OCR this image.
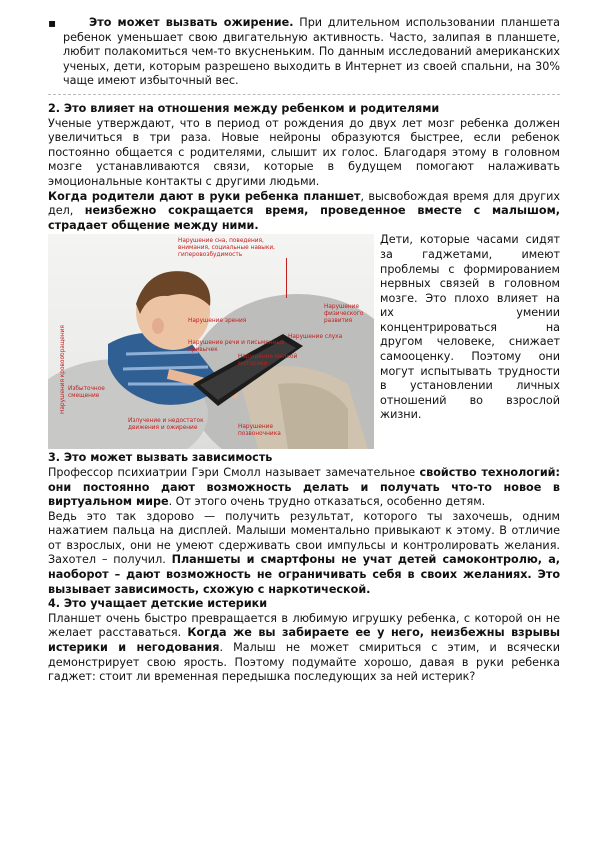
▪	Это может вызвать ожирение. При длительном использовании планшета ребенок уменьшает свою двигательную активность. Часто, залипая в планшете, любит полакомиться чем-то вкусненьким. По данным исследований американских ученых, дети, которым разрешено выходить в Интернет из своей спальни, на 30% чаще имеют избыточный вес.

2. Это влияет на отношения между ребенком и родителями

Ученые утверждают, что в период от рождения до двух лет мозг ребенка должен увеличиться в три раза. Новые нейроны образуются быстрее, если ребенок постоянно общается с родителями, слышит их голос. Благодаря этому в головном мозге устанавливаются связи, которые в будущем помогают налаживать эмоциональные контакты с другими людьми.

Когда родители дают в руки ребенка планшет, высвобождая время для других дел, неизбежно сокращается время, проведенное вместе с малышом, страдает общение между ними.

Нарушение сна, поведения, внимания, социальные навыки, гиперовозбудимость
Нарушения кровообращения
Нарушение зрения
Нарушение слуха
Нарушение речи и письменных привычек
Нарушение мелкой моторики
Нарушение физического развития
Избыточное смещение
Излучение и недостаток движения и ожирение	Нарушение позвоночника

Дети, которые часами сидят за гаджетами, имеют проблемы с формированием нервных связей в головном мозге. Это плохо влияет на их умении концентрироваться на другом человеке, снижает самооценку. Поэтому они могут испытывать трудности в установлении личных отношений во взрослой жизни.

3. Это может вызвать зависимость

Профессор психиатрии Гэри Смолл называет замечательное свойство технологий: они постоянно дают возможность делать и получать что-то новое в виртуальном мире. От этого очень трудно отказаться, особенно детям.

Ведь это так здорово — получить результат, которого ты захочешь, одним нажатием пальца на дисплей. Малыши моментально привыкают к этому. В отличие от взрослых, они не умеют сдерживать свои импульсы и контролировать желания. Захотел – получил. Планшеты и смартфоны не учат детей самоконтролю, а, наоборот – дают возможность не ограничивать себя в своих желаниях. Это вызывает зависимость, схожую с наркотической.

4. Это учащает детские истерики

Планшет очень быстро превращается в любимую игрушку ребенка, с которой он не желает расставаться. Когда же вы забираете ее у него, неизбежны взрывы истерики и негодования. Малыш не может смириться с этим, и всячески демонстрирует свою ярость. Поэтому подумайте хорошо, давая в руки ребенка гаджет: стоит ли временная передышка последующих за ней истерик?
